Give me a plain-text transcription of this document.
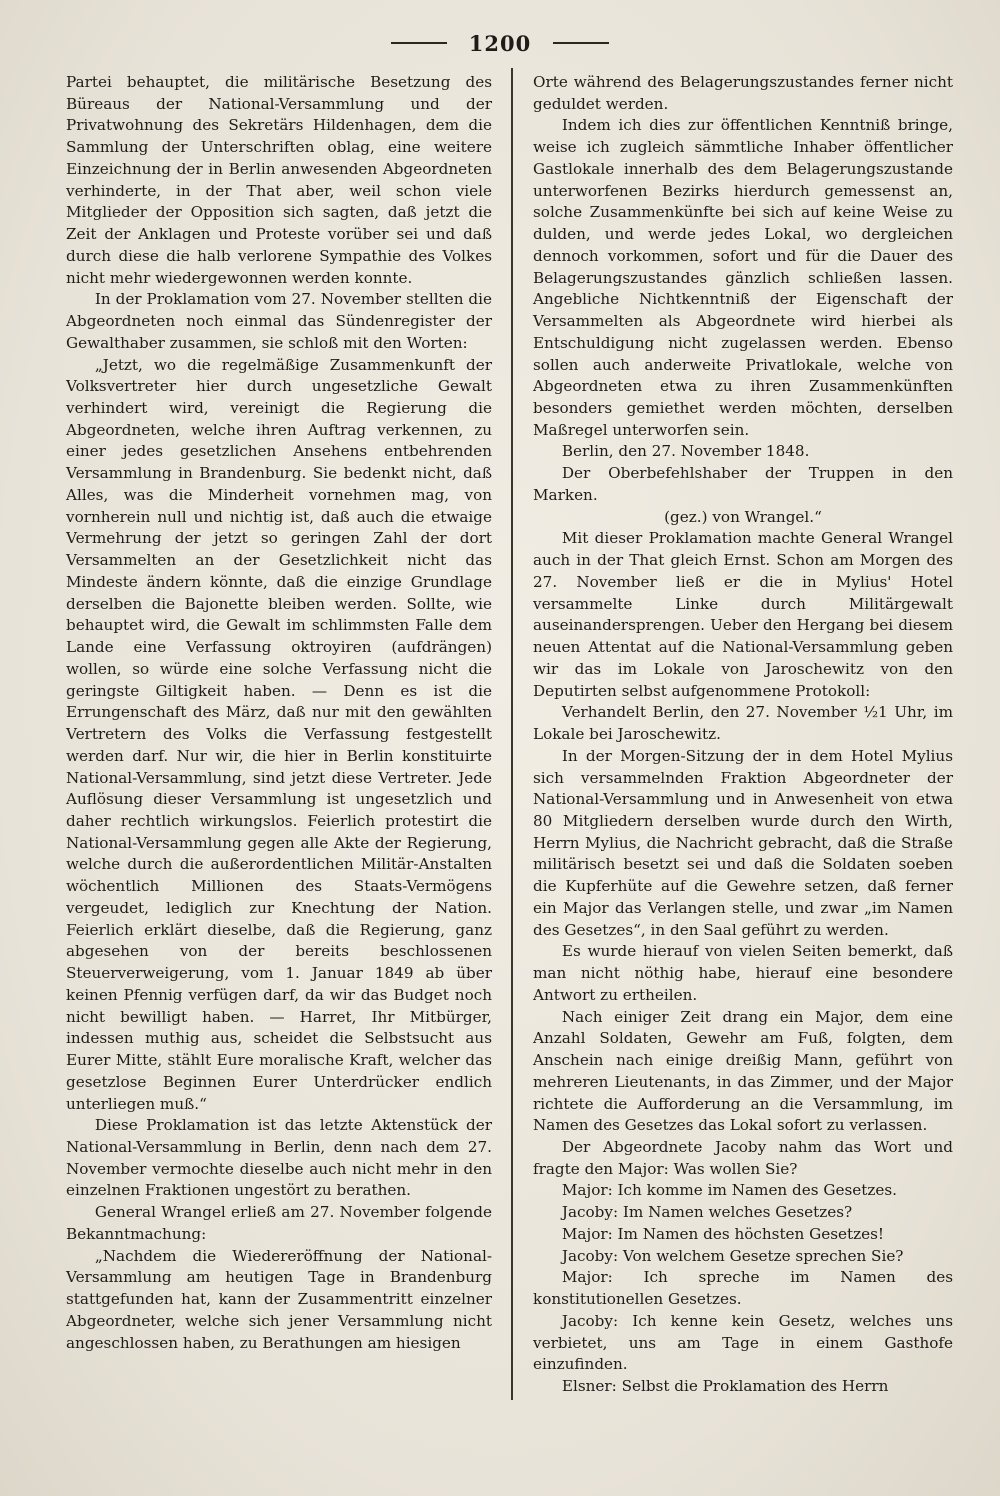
1200

Partei behauptet, die militärische Besetzung des Büreaus der National-Versammlung und der Privatwohnung des Sekretärs Hildenhagen, dem die Sammlung der Unterschriften oblag, eine weitere Einzeichnung der in Berlin anwesenden Abgeordneten verhinderte, in der That aber, weil schon viele Mitglieder der Opposition sich sagten, daß jetzt die Zeit der Anklagen und Proteste vorüber sei und daß durch diese die halb verlorene Sympathie des Volkes nicht mehr wiedergewonnen werden konnte.

In der Proklamation vom 27. November stellten die Abgeordneten noch einmal das Sündenregister der Gewalthaber zusammen, sie schloß mit den Worten:

„Jetzt, wo die regelmäßige Zusammenkunft der Volksvertreter hier durch ungesetzliche Gewalt verhindert wird, vereinigt die Regierung die Abgeordneten, welche ihren Auftrag verkennen, zu einer jedes gesetzlichen Ansehens entbehrenden Versammlung in Brandenburg. Sie bedenkt nicht, daß Alles, was die Minderheit vornehmen mag, von vornherein null und nichtig ist, daß auch die etwaige Vermehrung der jetzt so geringen Zahl der dort Versammelten an der Gesetzlichkeit nicht das Mindeste ändern könnte, daß die einzige Grundlage derselben die Bajonette bleiben werden. Sollte, wie behauptet wird, die Gewalt im schlimmsten Falle dem Lande eine Verfassung oktroyiren (aufdrängen) wollen, so würde eine solche Verfassung nicht die geringste Giltigkeit haben. — Denn es ist die Errungenschaft des März, daß nur mit den gewählten Vertretern des Volks die Verfassung festgestellt werden darf. Nur wir, die hier in Berlin konstituirte National-Versammlung, sind jetzt diese Vertreter. Jede Auflösung dieser Versammlung ist ungesetzlich und daher rechtlich wirkungslos. Feierlich protestirt die National-Versammlung gegen alle Akte der Regierung, welche durch die außerordentlichen Militär-Anstalten wöchentlich Millionen des Staats-Vermögens vergeudet, lediglich zur Knechtung der Nation. Feierlich erklärt dieselbe, daß die Regierung, ganz abgesehen von der bereits beschlossenen Steuerverweigerung, vom 1. Januar 1849 ab über keinen Pfennig verfügen darf, da wir das Budget noch nicht bewilligt haben. — Harret, Ihr Mitbürger, indessen muthig aus, scheidet die Selbstsucht aus Eurer Mitte, stählt Eure moralische Kraft, welcher das gesetzlose Beginnen Eurer Unterdrücker endlich unterliegen muß.“

Diese Proklamation ist das letzte Aktenstück der National-Versammlung in Berlin, denn nach dem 27. November vermochte dieselbe auch nicht mehr in den einzelnen Fraktionen ungestört zu berathen.

General Wrangel erließ am 27. November folgende Bekanntmachung:

„Nachdem die Wiedereröffnung der National-Versammlung am heutigen Tage in Brandenburg stattgefunden hat, kann der Zusammentritt einzelner Abgeordneter, welche sich jener Versammlung nicht angeschlossen haben, zu Berathungen am hiesigen

Orte während des Belagerungszustandes ferner nicht geduldet werden.

Indem ich dies zur öffentlichen Kenntniß bringe, weise ich zugleich sämmtliche Inhaber öffentlicher Gastlokale innerhalb des dem Belagerungszustande unterworfenen Bezirks hierdurch gemessenst an, solche Zusammenkünfte bei sich auf keine Weise zu dulden, und werde jedes Lokal, wo dergleichen dennoch vorkommen, sofort und für die Dauer des Belagerungszustandes gänzlich schließen lassen. Angebliche Nichtkenntniß der Eigenschaft der Versammelten als Abgeordnete wird hierbei als Entschuldigung nicht zugelassen werden. Ebenso sollen auch anderweite Privatlokale, welche von Abgeordneten etwa zu ihren Zusammenkünften besonders gemiethet werden möchten, derselben Maßregel unterworfen sein.

Berlin, den 27. November 1848.

Der Oberbefehlshaber der Truppen in den Marken.

(gez.) von Wrangel.“

Mit dieser Proklamation machte General Wrangel auch in der That gleich Ernst. Schon am Morgen des 27. November ließ er die in Mylius' Hotel versammelte Linke durch Militärgewalt auseinandersprengen. Ueber den Hergang bei diesem neuen Attentat auf die National-Versammlung geben wir das im Lokale von Jaroschewitz von den Deputirten selbst aufgenommene Protokoll:

Verhandelt Berlin, den 27. November ½1 Uhr, im Lokale bei Jaroschewitz.

In der Morgen-Sitzung der in dem Hotel Mylius sich versammelnden Fraktion Abgeordneter der National-Versammlung und in Anwesenheit von etwa 80 Mitgliedern derselben wurde durch den Wirth, Herrn Mylius, die Nachricht gebracht, daß die Straße militärisch besetzt sei und daß die Soldaten soeben die Kupferhüte auf die Gewehre setzen, daß ferner ein Major das Verlangen stelle, und zwar „im Namen des Gesetzes“, in den Saal geführt zu werden.

Es wurde hierauf von vielen Seiten bemerkt, daß man nicht nöthig habe, hierauf eine besondere Antwort zu ertheilen.

Nach einiger Zeit drang ein Major, dem eine Anzahl Soldaten, Gewehr am Fuß, folgten, dem Anschein nach einige dreißig Mann, geführt von mehreren Lieutenants, in das Zimmer, und der Major richtete die Aufforderung an die Versammlung, im Namen des Gesetzes das Lokal sofort zu verlassen.

Der Abgeordnete Jacoby nahm das Wort und fragte den Major: Was wollen Sie?

Major: Ich komme im Namen des Gesetzes.

Jacoby: Im Namen welches Gesetzes?

Major: Im Namen des höchsten Gesetzes!

Jacoby: Von welchem Gesetze sprechen Sie?

Major: Ich spreche im Namen des konstitutionellen Gesetzes.

Jacoby: Ich kenne kein Gesetz, welches uns verbietet, uns am Tage in einem Gasthofe einzufinden.

Elsner: Selbst die Proklamation des Herrn
